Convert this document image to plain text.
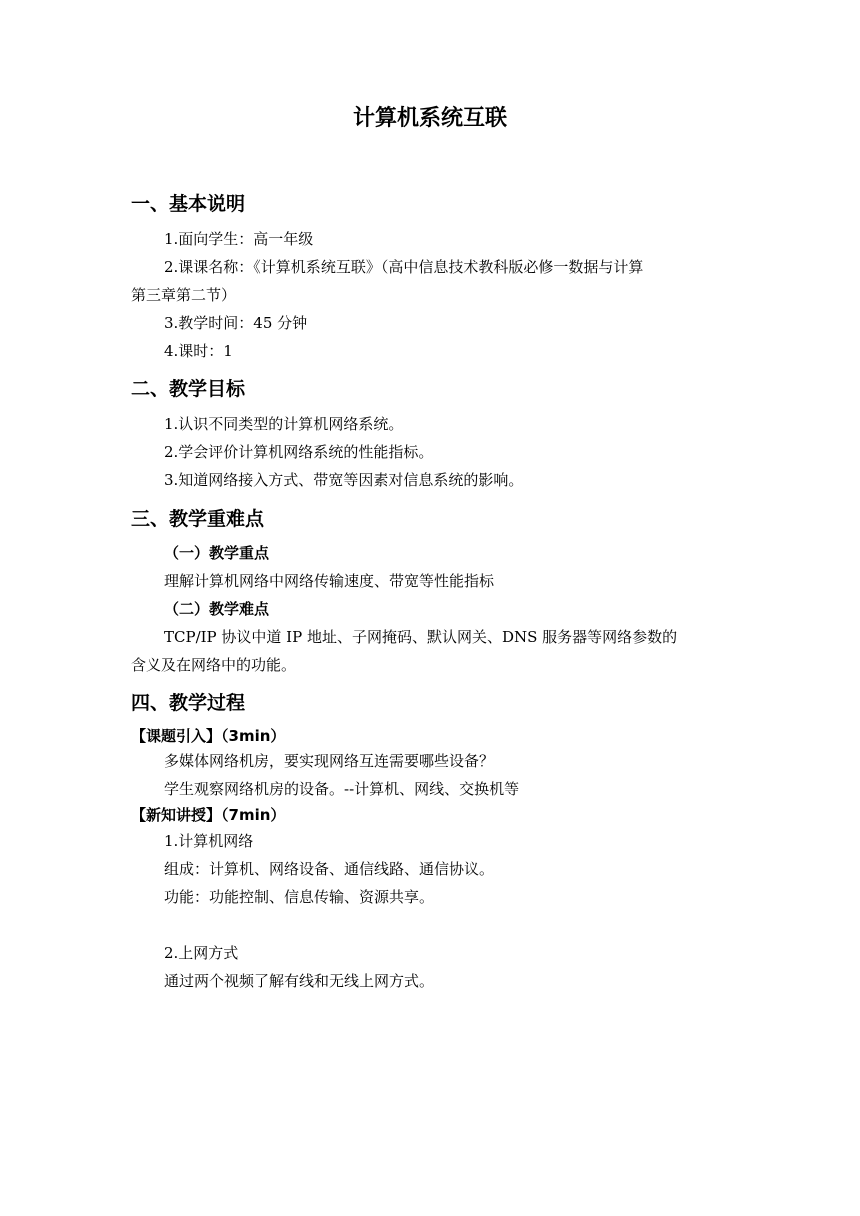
计算机系统互联
一、基本说明
1.面向学生：高一年级
2.课课名称：《计算机系统互联》（高中信息技术教科版必修一数据与计算
第三章第二节）
3.教学时间：45 分钟
4.课时：1
二、教学目标
1.认识不同类型的计算机网络系统。
2.学会评价计算机网络系统的性能指标。
3.知道网络接入方式、带宽等因素对信息系统的影响。
三、教学重难点
（一）教学重点
理解计算机网络中网络传输速度、带宽等性能指标
（二）教学难点
TCP/IP 协议中道 IP 地址、子网掩码、默认网关、DNS 服务器等网络参数的
含义及在网络中的功能。
四、教学过程
【课题引入】（3min）
多媒体网络机房，要实现网络互连需要哪些设备？
学生观察网络机房的设备。--计算机、网线、交换机等
【新知讲授】（7min）
1.计算机网络
组成：计算机、网络设备、通信线路、通信协议。
功能：功能控制、信息传输、资源共享。
2.上网方式
通过两个视频了解有线和无线上网方式。
